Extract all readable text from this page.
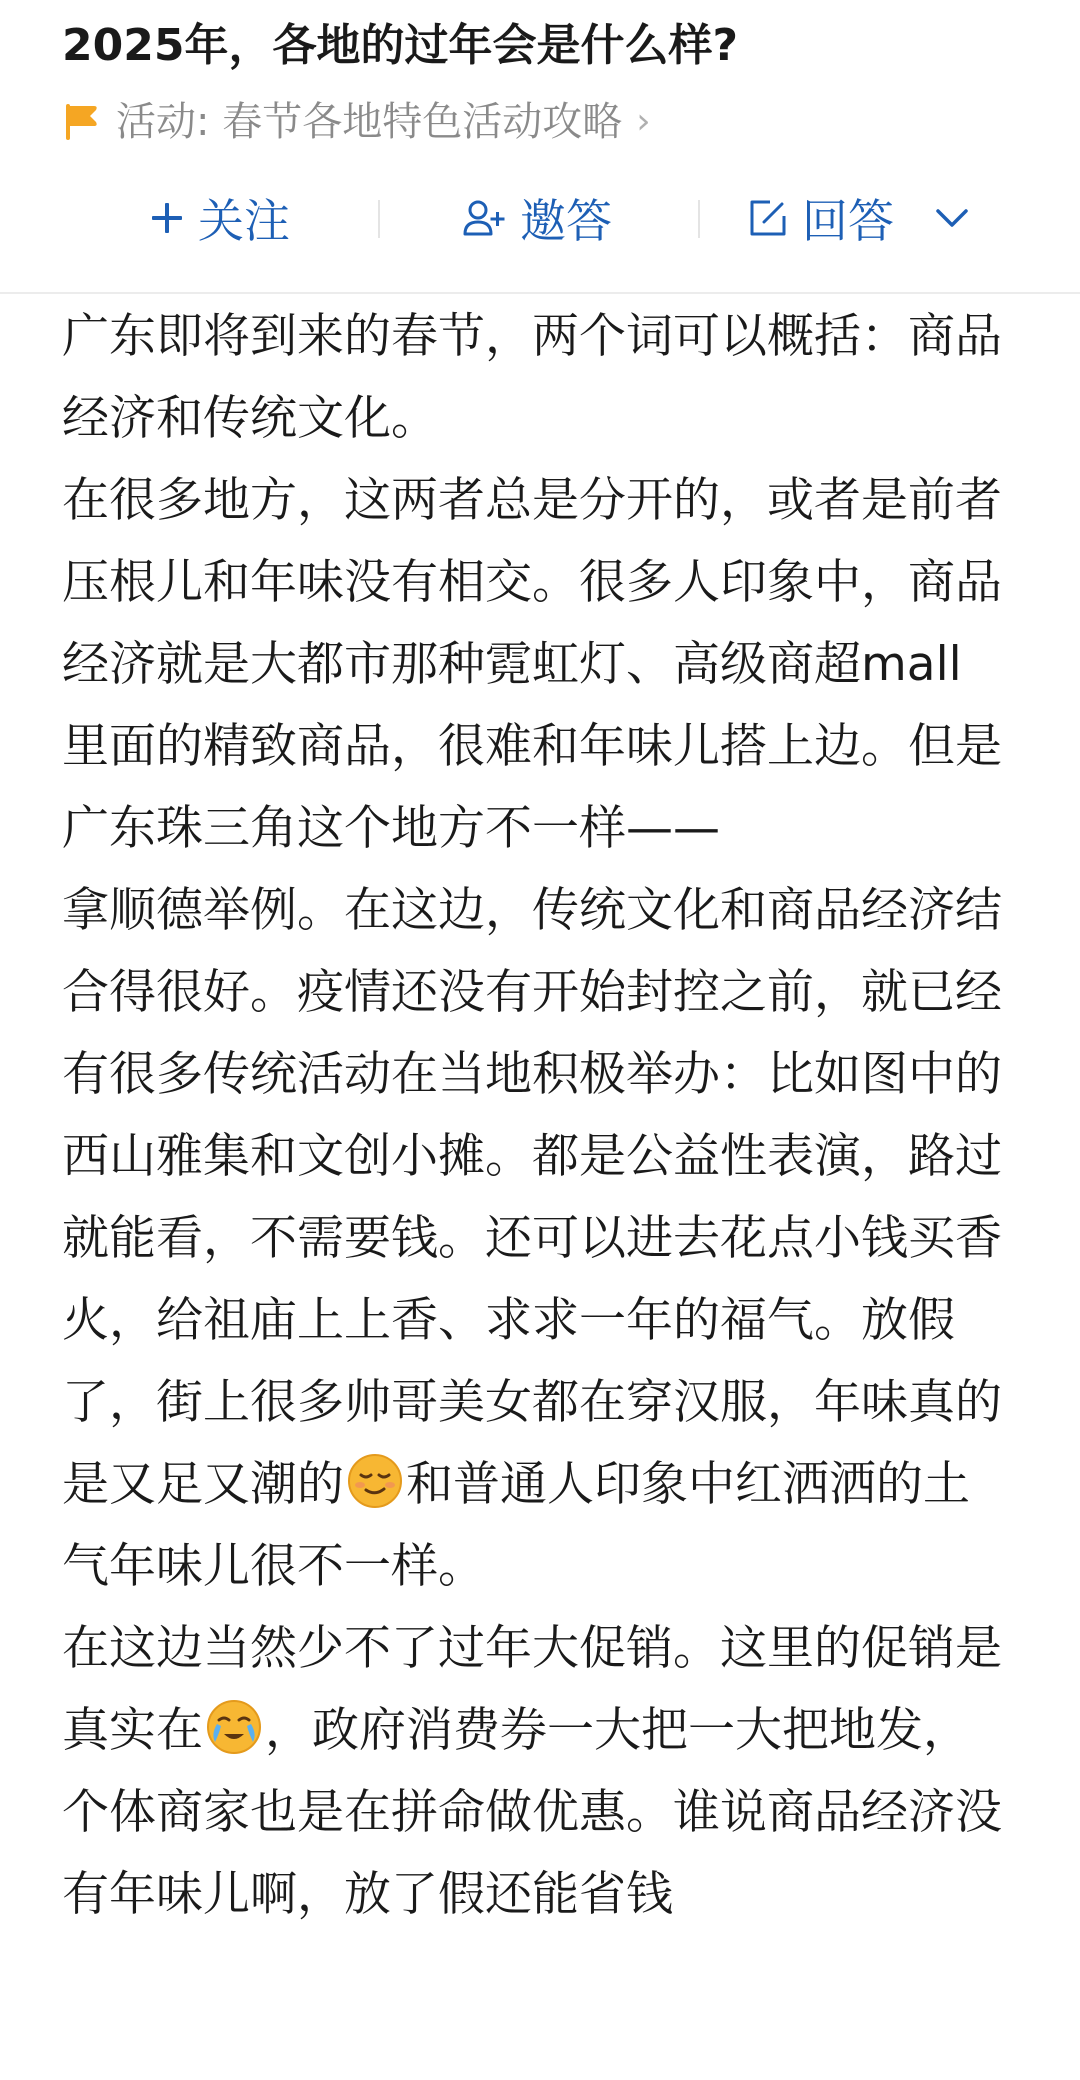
2025年，各地的过年会是什么样?
活动: 春节各地特色活动攻略 ›
关注	邀答	回答

广东即将到来的春节，两个词可以概括：商品经济和传统文化。

在很多地方，这两者总是分开的，或者是前者压根儿和年味没有相交。很多人印象中，商品经济就是大都市那种霓虹灯、高级商超mall里面的精致商品，很难和年味儿搭上边。但是广东珠三角这个地方不一样——

拿顺德举例。在这边，传统文化和商品经济结合得很好。疫情还没有开始封控之前，就已经有很多传统活动在当地积极举办：比如图中的西山雅集和文创小摊。都是公益性表演，路过就能看，不需要钱。还可以进去花点小钱买香火，给祖庙上上香、求求一年的福气。放假了，街上很多帅哥美女都在穿汉服，年味真的是又足又潮的 和普通人印象中红洒洒的土气年味儿很不一样。

在这边当然少不了过年大促销。这里的促销是真实在 ，政府消费券一大把一大把地发，个体商家也是在拼命做优惠。谁说商品经济没有年味儿啊，放了假还能省钱
